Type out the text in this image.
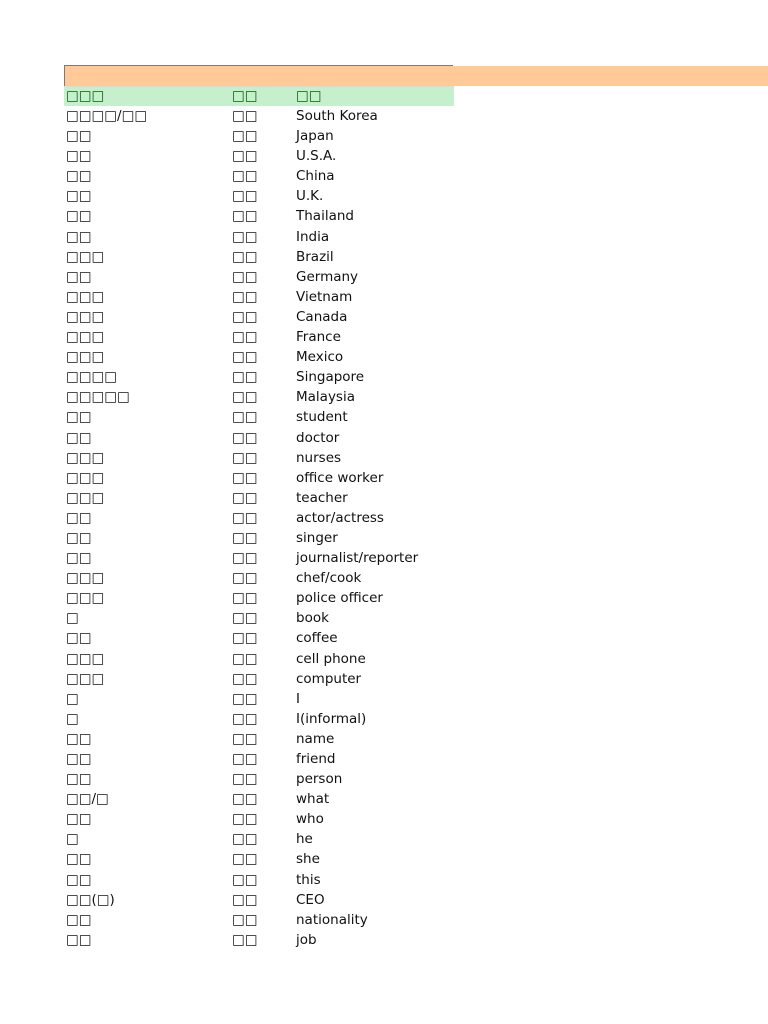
□□□	□□	□□
□□□□/□□	□□	South Korea
□□	□□	Japan
□□	□□	U.S.A.
□□	□□	China
□□	□□	U.K.
□□	□□	Thailand
□□	□□	India
□□□	□□	Brazil
□□	□□	Germany
□□□	□□	Vietnam
□□□	□□	Canada
□□□	□□	France
□□□	□□	Mexico
□□□□	□□	Singapore
□□□□□	□□	Malaysia
□□	□□	student
□□	□□	doctor
□□□	□□	nurses
□□□	□□	office worker
□□□	□□	teacher
□□	□□	actor/actress
□□	□□	singer
□□	□□	journalist/reporter
□□□	□□	chef/cook
□□□	□□	police officer
□	□□	book
□□	□□	coffee
□□□	□□	cell phone
□□□	□□	computer
□	□□	I
□	□□	I(informal)
□□	□□	name
□□	□□	friend
□□	□□	person
□□/□	□□	what
□□	□□	who
□	□□	he
□□	□□	she
□□	□□	this
□□(□)	□□	CEO
□□	□□	nationality
□□	□□	job
